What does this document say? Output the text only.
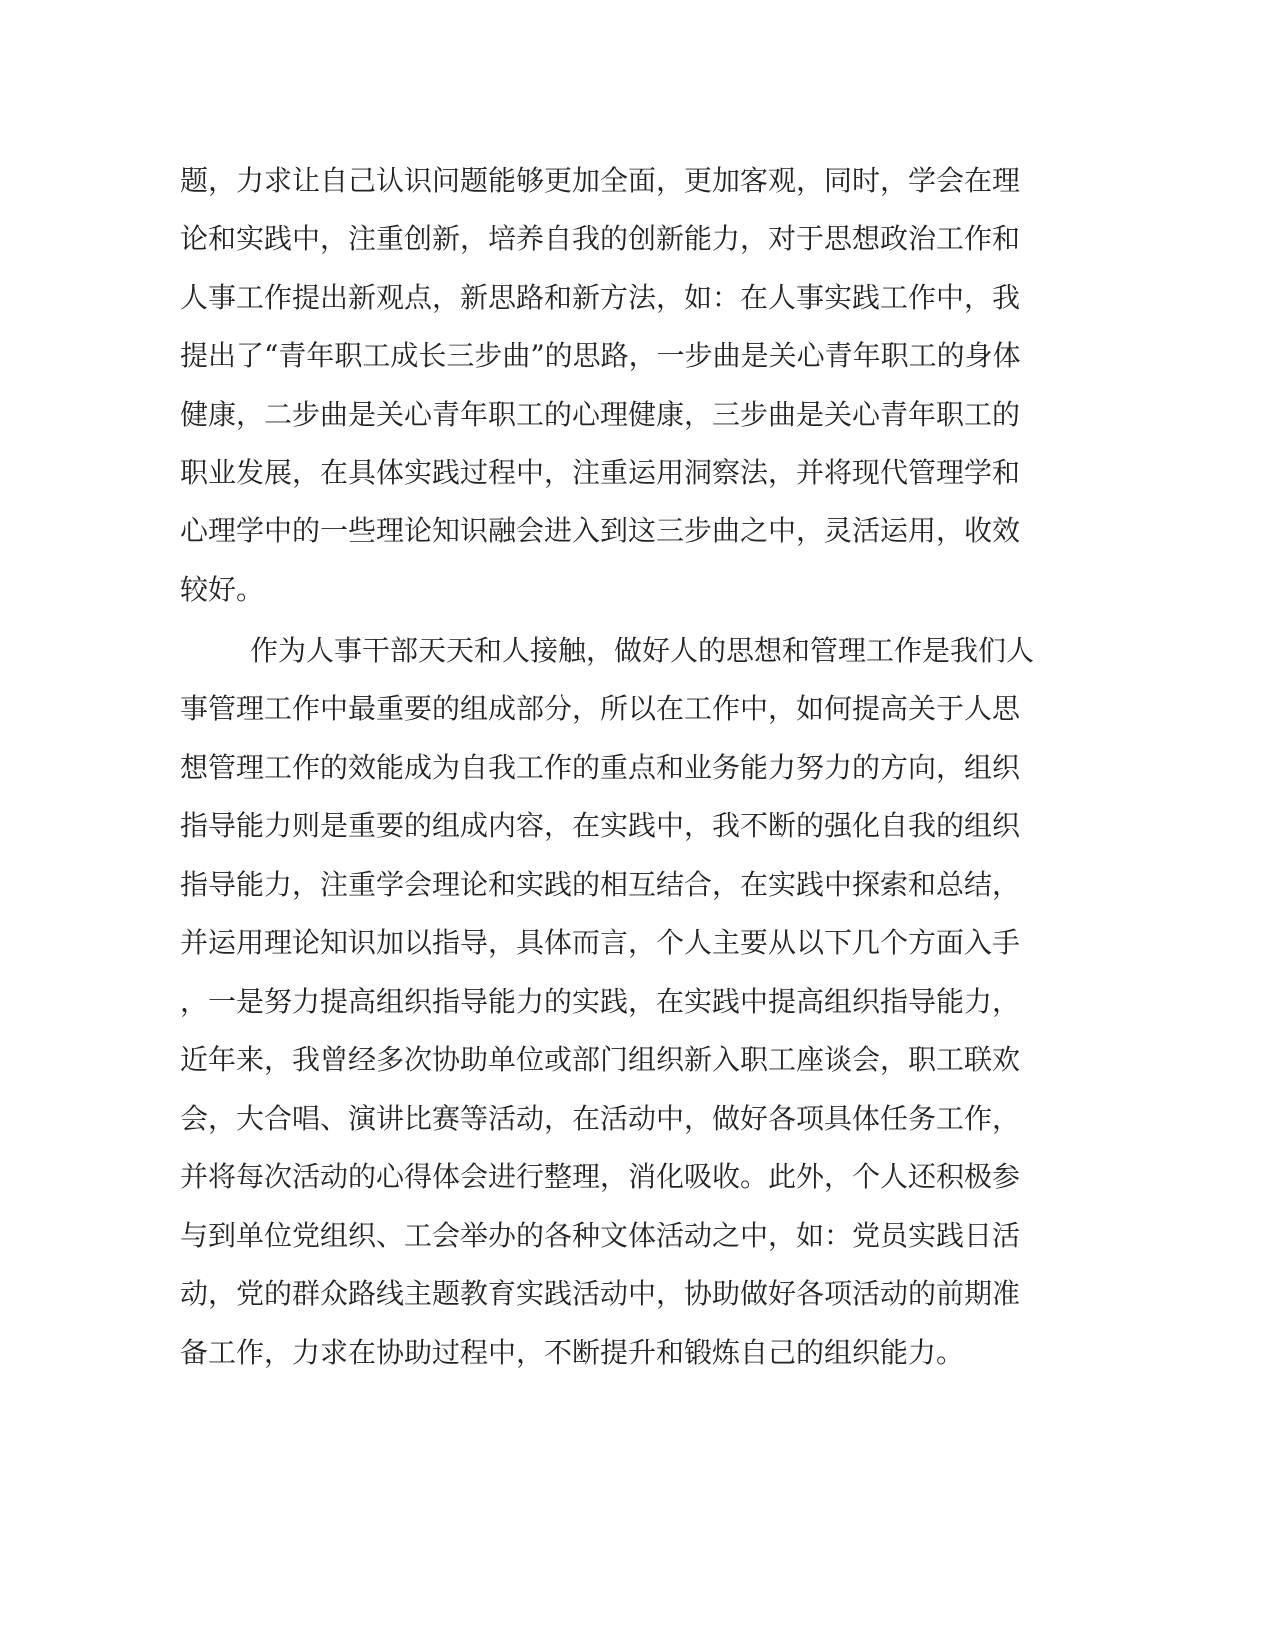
题，力求让自己认识问题能够更加全面，更加客观，同时，学会在理
论和实践中，注重创新，培养自我的创新能力，对于思想政治工作和
人事工作提出新观点，新思路和新方法，如：在人事实践工作中，我
提出了“青年职工成长三步曲”的思路，一步曲是关心青年职工的身体
健康，二步曲是关心青年职工的心理健康，三步曲是关心青年职工的
职业发展，在具体实践过程中，注重运用洞察法，并将现代管理学和
心理学中的一些理论知识融会进入到这三步曲之中，灵活运用，收效
较好。
作为人事干部天天和人接触，做好人的思想和管理工作是我们人
事管理工作中最重要的组成部分，所以在工作中，如何提高关于人思
想管理工作的效能成为自我工作的重点和业务能力努力的方向，组织
指导能力则是重要的组成内容，在实践中，我不断的强化自我的组织
指导能力，注重学会理论和实践的相互结合，在实践中探索和总结，
并运用理论知识加以指导，具体而言，个人主要从以下几个方面入手
，一是努力提高组织指导能力的实践，在实践中提高组织指导能力，
近年来，我曾经多次协助单位或部门组织新入职工座谈会，职工联欢
会，大合唱、演讲比赛等活动，在活动中，做好各项具体任务工作，
并将每次活动的心得体会进行整理，消化吸收。此外，个人还积极参
与到单位党组织、工会举办的各种文体活动之中，如：党员实践日活
动，党的群众路线主题教育实践活动中，协助做好各项活动的前期准
备工作，力求在协助过程中，不断提升和锻炼自己的组织能力。
